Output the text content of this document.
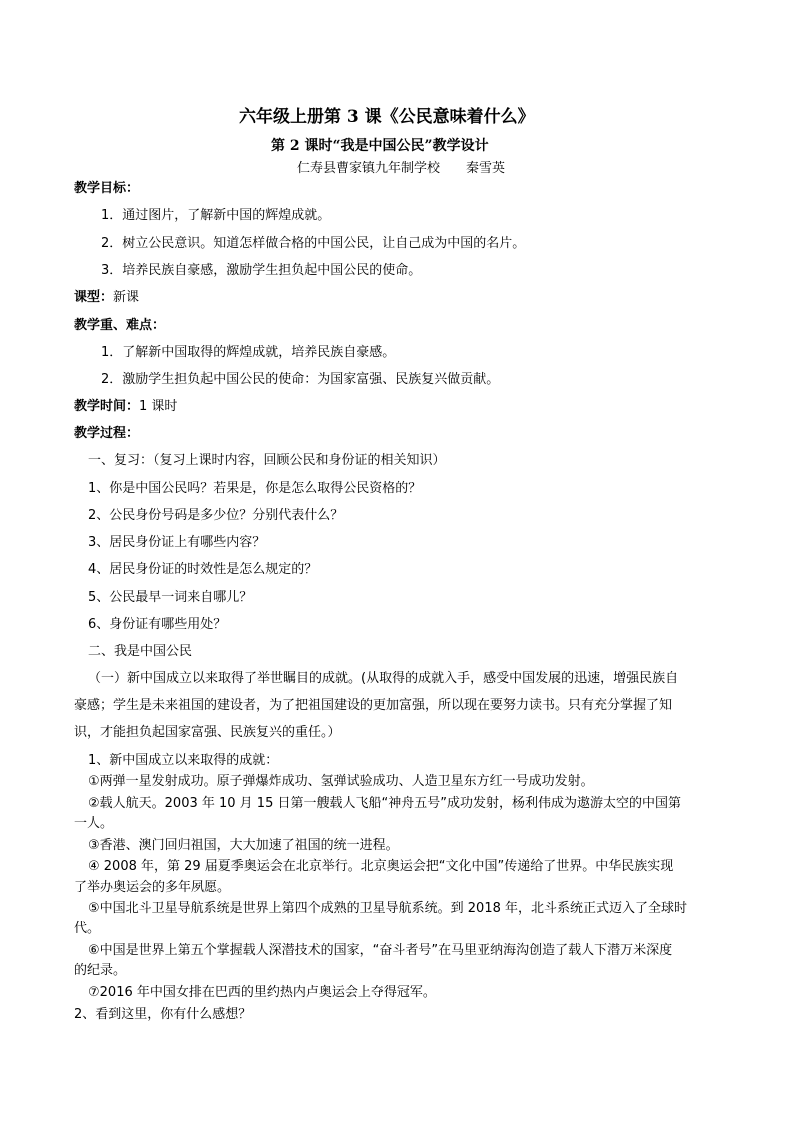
六年级上册第 3 课《公民意味着什么》
第 2 课时“我是中国公民”教学设计
仁寿县曹家镇九年制学校　　秦雪英
教学目标：
1．通过图片，了解新中国的辉煌成就。
2．树立公民意识。知道怎样做合格的中国公民，让自己成为中国的名片。
3．培养民族自豪感，激励学生担负起中国公民的使命。
课型：新课
教学重、难点：
1．了解新中国取得的辉煌成就，培养民族自豪感。
2．激励学生担负起中国公民的使命：为国家富强、民族复兴做贡献。
教学时间：1 课时
教学过程：
一、复习：（复习上课时内容，回顾公民和身份证的相关知识）
1、你是中国公民吗？若果是，你是怎么取得公民资格的？
2、公民身份号码是多少位？分别代表什么？
3、居民身份证上有哪些内容？
4、居民身份证的时效性是怎么规定的？
5、公民最早一词来自哪儿？
6、身份证有哪些用处？
二、我是中国公民
（一）新中国成立以来取得了举世瞩目的成就。(从取得的成就入手，感受中国发展的迅速，增强民族自
豪感；学生是未来祖国的建设者，为了把祖国建设的更加富强，所以现在要努力读书。只有充分掌握了知
识，才能担负起国家富强、民族复兴的重任。）
1、新中国成立以来取得的成就：
①两弹一星发射成功。原子弹爆炸成功、氢弹试验成功、人造卫星东方红一号成功发射。
②载人航天。2003 年 10 月 15 日第一艘载人飞船“神舟五号”成功发射，杨利伟成为遨游太空的中国第
一人。
③香港、澳门回归祖国，大大加速了祖国的统一进程。
④ 2008 年，第 29 届夏季奥运会在北京举行。北京奥运会把“文化中国”传递给了世界。中华民族实现
了举办奥运会的多年夙愿。
⑤中国北斗卫星导航系统是世界上第四个成熟的卫星导航系统。到 2018 年，北斗系统正式迈入了全球时
代。
⑥中国是世界上第五个掌握载人深潜技术的国家，“奋斗者号”在马里亚纳海沟创造了载人下潜万米深度
的纪录。
⑦2016 年中国女排在巴西的里约热内卢奥运会上夺得冠军。
2、看到这里，你有什么感想？
